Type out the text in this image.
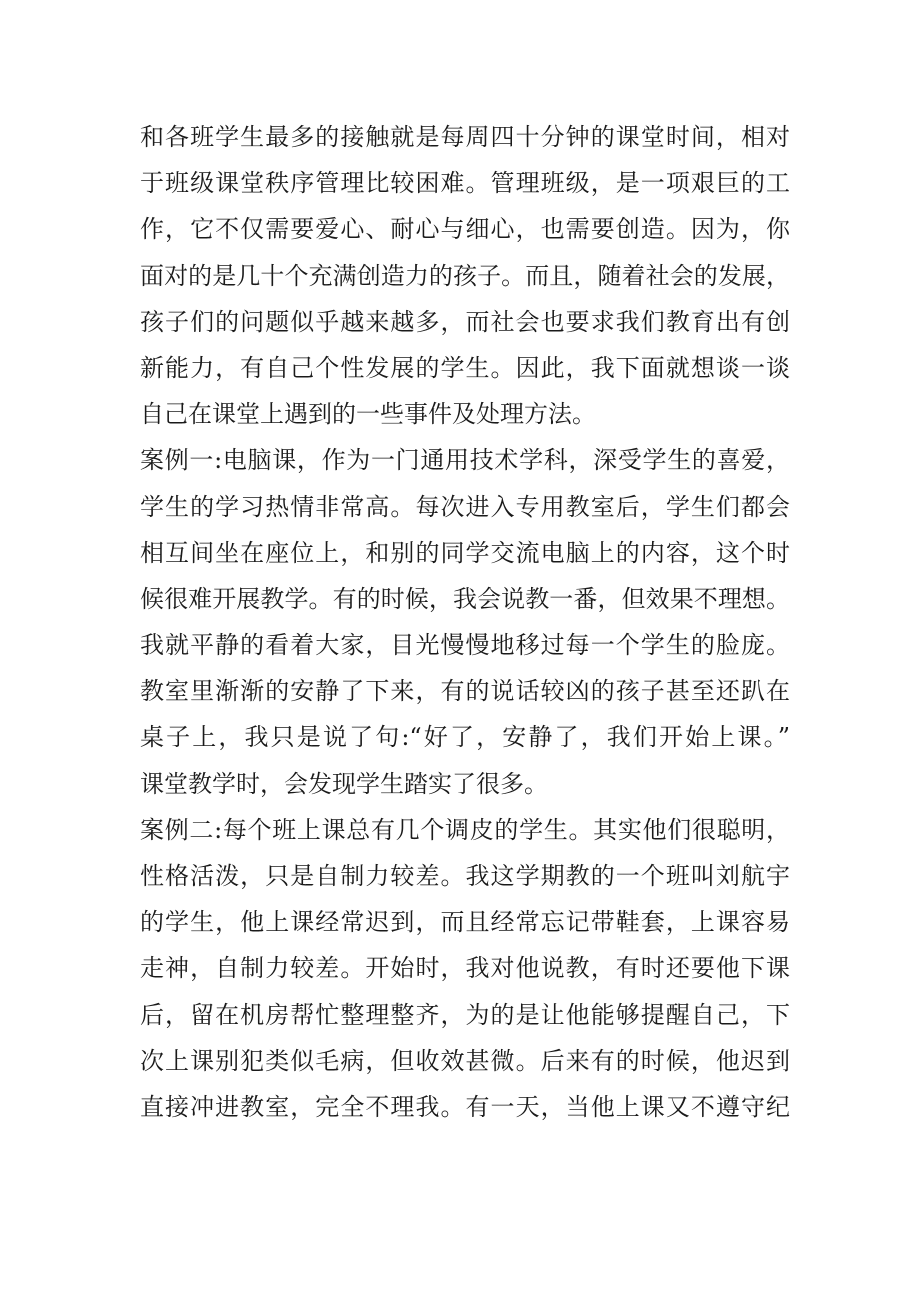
和各班学生最多的接触就是每周四十分钟的课堂时间，相对
于班级课堂秩序管理比较困难。管理班级，是一项艰巨的工
作，它不仅需要爱心、耐心与细心，也需要创造。因为，你
面对的是几十个充满创造力的孩子。而且，随着社会的发展，
孩子们的问题似乎越来越多，而社会也要求我们教育出有创
新能力，有自己个性发展的学生。因此，我下面就想谈一谈
自己在课堂上遇到的一些事件及处理方法。
案例一:电脑课，作为一门通用技术学科，深受学生的喜爱，
学生的学习热情非常高。每次进入专用教室后，学生们都会
相互间坐在座位上，和别的同学交流电脑上的内容，这个时
候很难开展教学。有的时候，我会说教一番，但效果不理想。
我就平静的看着大家，目光慢慢地移过每一个学生的脸庞。
教室里渐渐的安静了下来，有的说话较凶的孩子甚至还趴在
桌子上，我只是说了句:“好了，安静了，我们开始上课。”
课堂教学时，会发现学生踏实了很多。
案例二:每个班上课总有几个调皮的学生。其实他们很聪明，
性格活泼，只是自制力较差。我这学期教的一个班叫刘航宇
的学生，他上课经常迟到，而且经常忘记带鞋套，上课容易
走神，自制力较差。开始时，我对他说教，有时还要他下课
后，留在机房帮忙整理整齐，为的是让他能够提醒自己，下
次上课别犯类似毛病，但收效甚微。后来有的时候，他迟到
直接冲进教室，完全不理我。有一天，当他上课又不遵守纪
